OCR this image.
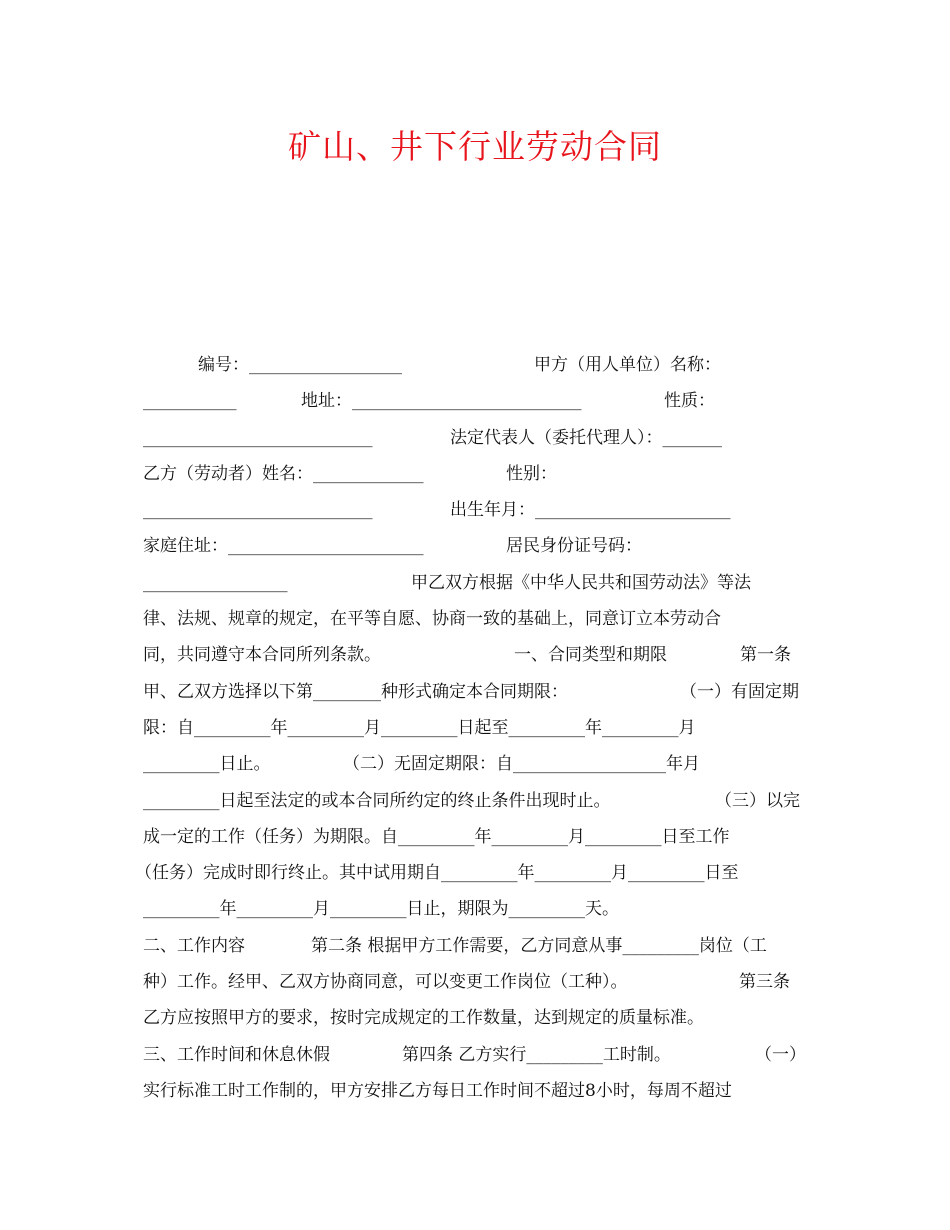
矿山、井下行业劳动合同
编号：__________________	甲方（用人单位）名称：
___________	地址：___________________________	性质：
___________________________	法定代表人（委托代理人）：_______
乙方（劳动者）姓名：_____________	性别：
___________________________	出生年月：_______________________
家庭住址：_______________________	居民身份证号码：
_________________	甲乙双方根据《中华人民共和国劳动法》等法
律、法规、规章的规定，在平等自愿、协商一致的基础上，同意订立本劳动合
同，共同遵守本合同所列条款。	一、合同类型和期限	第一条
甲、乙双方选择以下第________种形式确定本合同期限：	（一）有固定期
限：自_________年_________月_________日起至_________年_________月
_________日止。	（二）无固定期限：自__________________年月
_________日起至法定的或本合同所约定的终止条件出现时止。	（三）以完
成一定的工作（任务）为期限。自_________年_________月_________日至工作
（任务）完成时即行终止。其中试用期自_________年_________月_________日至
_________年_________月_________日止，期限为_________天。
二、工作内容	第二条 根据甲方工作需要，乙方同意从事_________岗位（工
种）工作。经甲、乙双方协商同意，可以变更工作岗位（工种）。	第三条
乙方应按照甲方的要求，按时完成规定的工作数量，达到规定的质量标准。
三、工作时间和休息休假	第四条 乙方实行_________工时制。	（一）
实行标准工时工作制的，甲方安排乙方每日工作时间不超过8小时，每周不超过
